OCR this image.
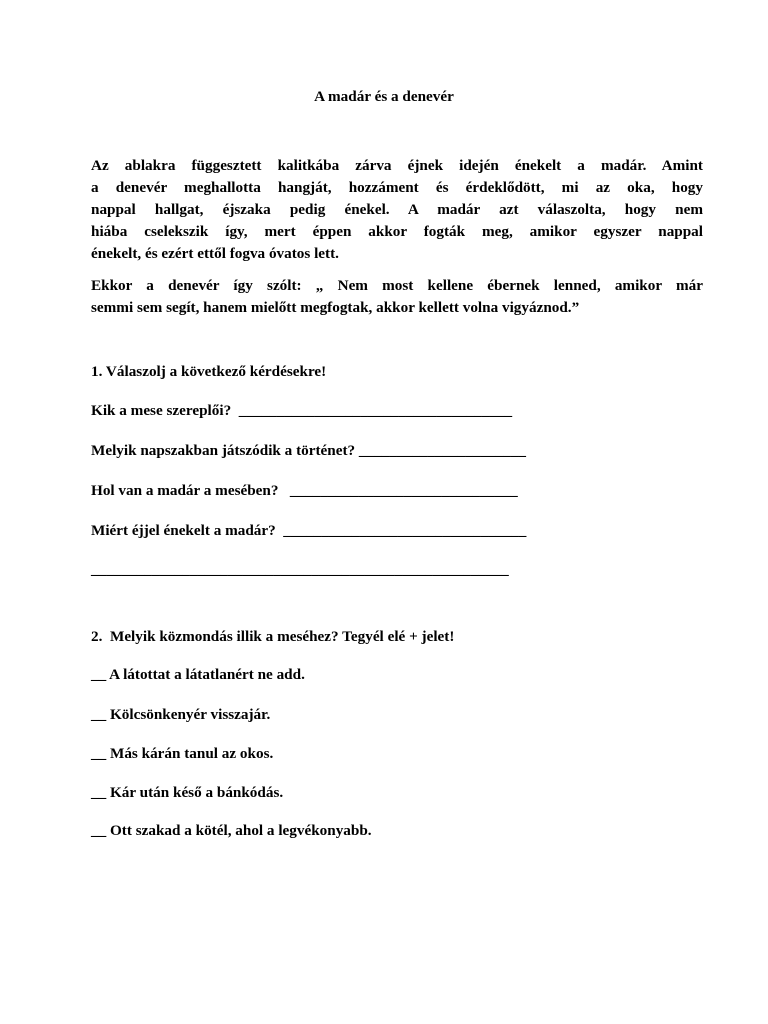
A madár és a denevér
Az ablakra függesztett kalitkába zárva éjnek idején énekelt a madár. Amint
a denevér meghallotta hangját, hozzáment és érdeklődött, mi az oka, hogy
nappal hallgat, éjszaka pedig énekel. A madár azt válaszolta, hogy nem
hiába cselekszik így, mert éppen akkor fogták meg, amikor egyszer nappal
énekelt, és ezért ettől fogva óvatos lett.
Ekkor a denevér így szólt: „ Nem most kellene ébernek lenned, amikor már
semmi sem segít, hanem mielőtt megfogtak, akkor kellett volna vigyáznod.”
1. Válaszolj a következő kérdésekre!
Kik a mese szereplői?  ____________________________________
Melyik napszakban játszódik a történet? ______________________
Hol van a madár a mesében?   ______________________________
Miért éjjel énekelt a madár?  ________________________________
_______________________________________________________
2.  Melyik közmondás illik a meséhez? Tegyél elé + jelet!
__ A látottat a látatlanért ne add.
__ Kölcsönkenyér visszajár.
__ Más kárán tanul az okos.
__ Kár után késő a bánkódás.
__ Ott szakad a kötél, ahol a legvékonyabb.
